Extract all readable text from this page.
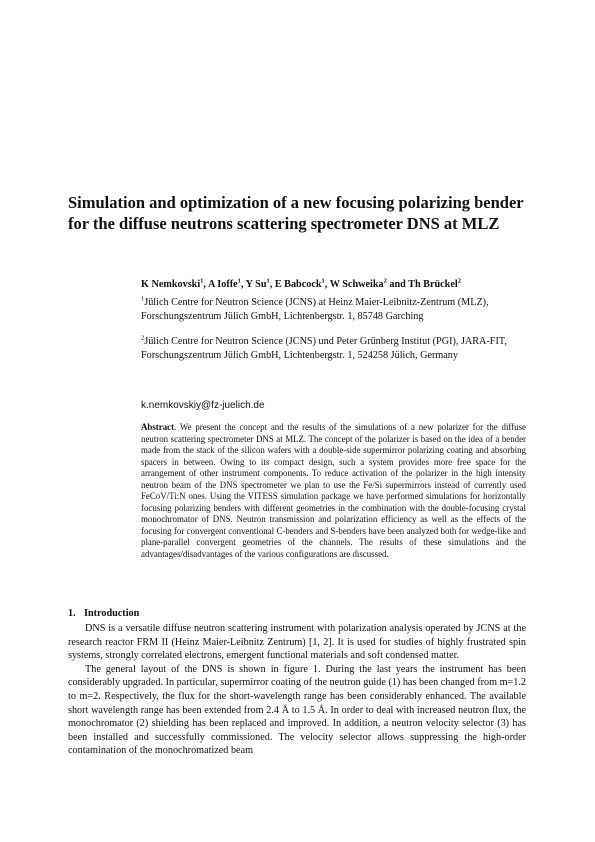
Simulation and optimization of a new focusing polarizing bender for the diffuse neutrons scattering spectrometer DNS at MLZ
K Nemkovski$^1$, A Ioffe$^1$, Y Su$^1$, E Babcock$^1$, W Schweika$^2$ and Th Brückel$^2$
$^1$Jülich Centre for Neutron Science (JCNS) at Heinz Maier-Leibnitz-Zentrum (MLZ), Forschungszentrum Jülich GmbH, Lichtenbergstr. 1, 85748 Garching
$^2$Jülich Centre for Neutron Science (JCNS) und Peter Grünberg Institut (PGI), JARA-FIT, Forschungszentrum Jülich GmbH, Lichtenbergstr. 1, 524258 Jülich, Germany
k.nemkovskiy@fz-juelich.de

Abstract. We present the concept and the results of the simulations of a new polarizer for the diffuse neutron scattering spectrometer DNS at MLZ. The concept of the polarizer is based on the idea of a bender made from the stack of the silicon wafers with a double-side supermirror polarizing coating and absorbing spacers in between. Owing to its compact design, such a system provides more free space for the arrangement of other instrument components. To reduce activation of the polarizer in the high intensity neutron beam of the DNS spectrometer we plan to use the Fe/Si supermirrors instead of currently used FeCoV/Ti:N ones. Using the VITESS simulation package we have performed simulations for horizontally focusing polarizing benders with different geometries in the combination with the double-focusing crystal monochromator of DNS. Neutron transmission and polarization efficiency as well as the effects of the focusing for convergent conventional C-benders and S-benders have been analyzed both for wedge-like and plane-parallel convergent geometries of the channels. The results of these simulations and the advantages/disadvantages of the various configurations are discussed.

1. Introduction

DNS is a versatile diffuse neutron scattering instrument with polarization analysis operated by JCNS at the research reactor FRM II (Heinz Maier-Leibnitz Zentrum) [1, 2]. It is used for studies of highly frustrated spin systems, strongly correlated electrons, emergent functional materials and soft condensed matter.

The general layout of the DNS is shown in figure 1. During the last years the instrument has been considerably upgraded. In particular, supermirror coating of the neutron guide (1) has been changed from m=1.2 to m=2. Respectively, the flux for the short-wavelength range has been considerably enhanced. The available short wavelength range has been extended from 2.4 Å to 1.5 Å. In order to deal with increased neutron flux, the monochromator (2) shielding has been replaced and improved. In addition, a neutron velocity selector (3) has been installed and successfully commissioned. The velocity selector allows suppressing the high-order contamination of the monochromatized beam
